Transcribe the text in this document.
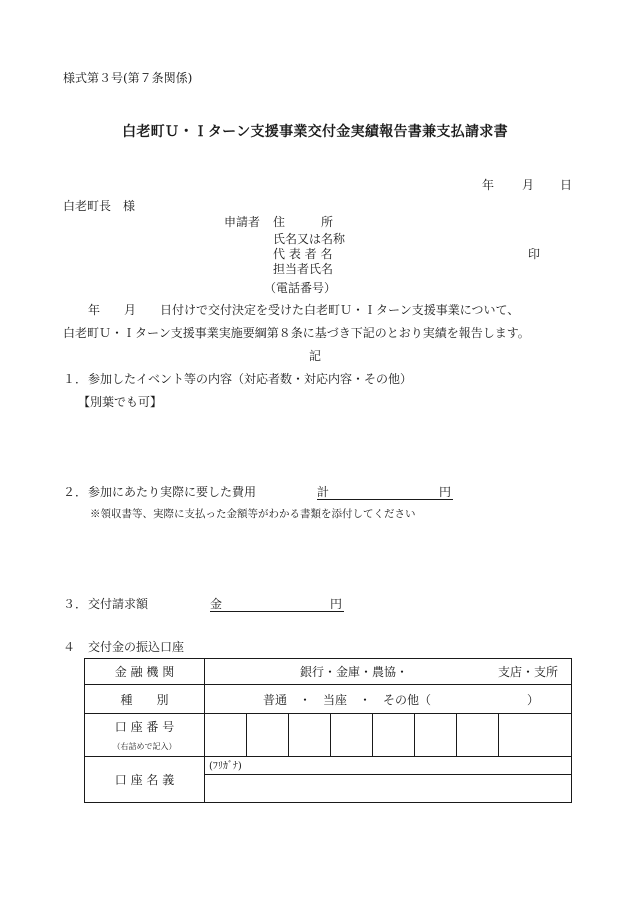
様式第３号(第７条関係)
白老町Ｕ・Ｉターン支援事業交付金実績報告書兼支払請求書
年 月 日
白老町長　様
申請者 住　　　所
氏名又は名称
代 表 者 名	印
担当者氏名
（電話番号）
年　　月　　日付けで交付決定を受けた白老町Ｕ・Ｉターン支援事業について、
白老町Ｕ・Ｉターン支援事業実施要綱第８条に基づき下記のとおり実績を報告します。
記
１． 参加したイベント等の内容（対応者数・対応内容・その他）
【別葉でも可】
２． 参加にあたり実際に要した費用	計	円
※領収書等、実際に支払った金額等がわかる書類を添付してください
３． 交付請求額	金	円
４ 交付金の振込口座
金 融 機 関	銀行・金庫・農協・ 支店・支所							

種　　別	普通　・　当座　・　その他（　　　　　　　　）							

口 座 番 号
（右詰めで記入）								

口 座 名 義	(ﾌﾘｶﾞﾅ)							
